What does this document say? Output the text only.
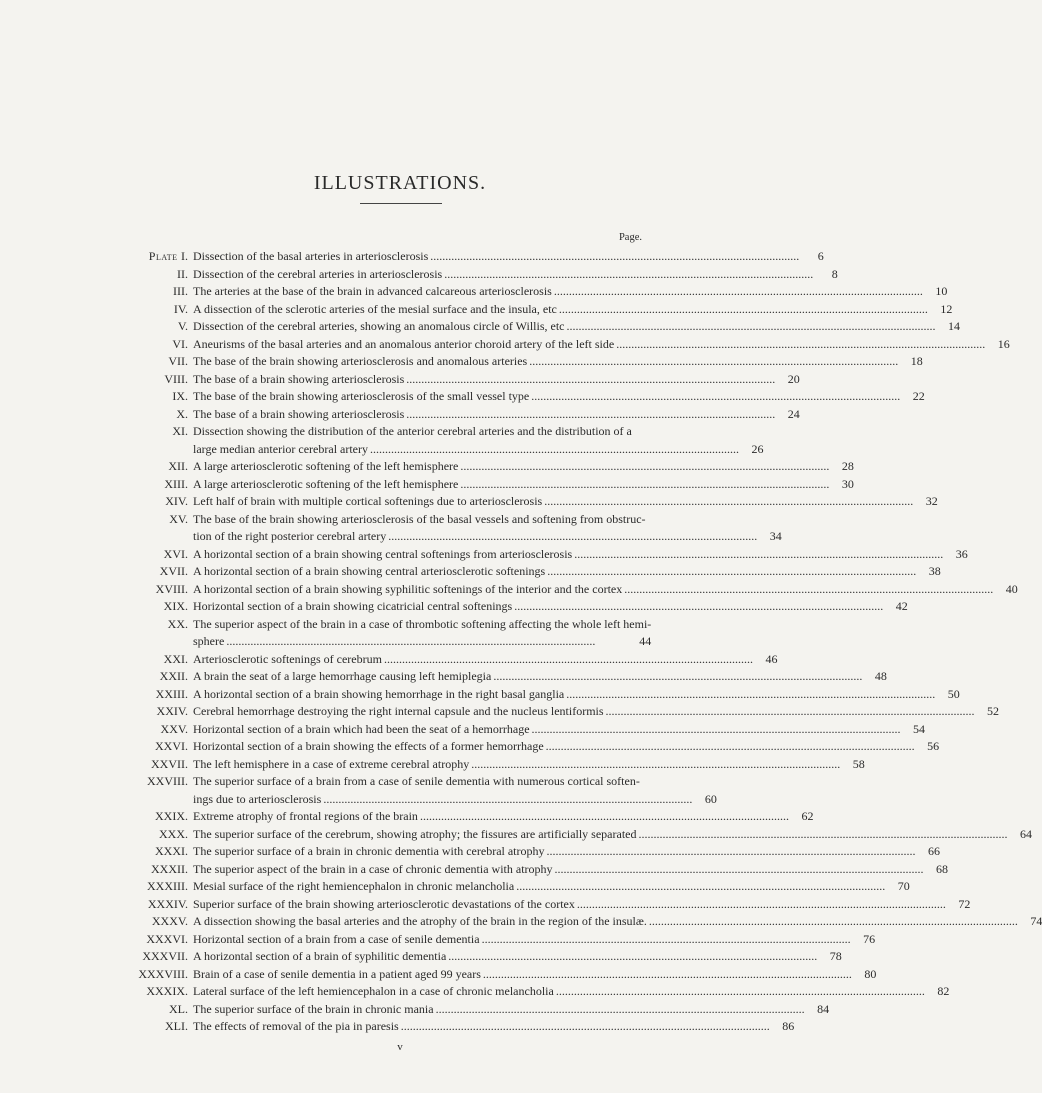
ILLUSTRATIONS.
Page.
Plate I. Dissection of the basal arteries in arteriosclerosis . . .	6
II. Dissection of the cerebral arteries in arteriosclerosis . . .	8
III. The arteries at the base of the brain in advanced calcareous arteriosclerosis . . .	10
IV. A dissection of the sclerotic arteries of the mesial surface and the insula, etc . . .	12
V. Dissection of the cerebral arteries, showing an anomalous circle of Willis, etc . . .	14
VI. Aneurisms of the basal arteries and an anomalous anterior choroid artery of the left side . . .	16
VII. The base of the brain showing arteriosclerosis and anomalous arteries . . .	18
VIII. The base of a brain showing arteriosclerosis . . .	20
IX. The base of the brain showing arteriosclerosis of the small vessel type . . .	22
X. The base of a brain showing arteriosclerosis . . .	24
XI. Dissection showing the distribution of the anterior cerebral arteries and the distribution of a
large median anterior cerebral artery . . .	26
XII. A large arteriosclerotic softening of the left hemisphere . . .	28
XIII. A large arteriosclerotic softening of the left hemisphere . . .	30
XIV. Left half of brain with multiple cortical softenings due to arteriosclerosis . . .	32
XV. The base of the brain showing arteriosclerosis of the basal vessels and softening from obstruc-
tion of the right posterior cerebral artery . . .	34
XVI. A horizontal section of a brain showing central softenings from arteriosclerosis . . .	36
XVII. A horizontal section of a brain showing central arteriosclerotic softenings . . .	38
XVIII. A horizontal section of a brain showing syphilitic softenings of the interior and the cortex . . .	40
XIX. Horizontal section of a brain showing cicatricial central softenings . . .	42
XX. The superior aspect of the brain in a case of thrombotic softening affecting the whole left hemi-
sphere . . .	44
XXI. Arteriosclerotic softenings of cerebrum . . .	46
XXII. A brain the seat of a large hemorrhage causing left hemiplegia . . .	48
XXIII. A horizontal section of a brain showing hemorrhage in the right basal ganglia . . .	50
XXIV. Cerebral hemorrhage destroying the right internal capsule and the nucleus lentiformis . . .	52
XXV. Horizontal section of a brain which had been the seat of a hemorrhage . . .	54
XXVI. Horizontal section of a brain showing the effects of a former hemorrhage . . .	56
XXVII. The left hemisphere in a case of extreme cerebral atrophy . . .	58
XXVIII. The superior surface of a brain from a case of senile dementia with numerous cortical soften-
ings due to arteriosclerosis . . .	60
XXIX. Extreme atrophy of frontal regions of the brain . . .	62
XXX. The superior surface of the cerebrum, showing atrophy; the fissures are artificially separated . . .	64
XXXI. The superior surface of a brain in chronic dementia with cerebral atrophy . . .	66
XXXII. The superior aspect of the brain in a case of chronic dementia with atrophy . . .	68
XXXIII. Mesial surface of the right hemiencephalon in chronic melancholia . . .	70
XXXIV. Superior surface of the brain showing arteriosclerotic devastations of the cortex . . .	72
XXXV. A dissection showing the basal arteries and the atrophy of the brain in the region of the insulæ. . . .	74
XXXVI. Horizontal section of a brain from a case of senile dementia . . .	76
XXXVII. A horizontal section of a brain of syphilitic dementia . . .	78
XXXVIII. Brain of a case of senile dementia in a patient aged 99 years . . .	80
XXXIX. Lateral surface of the left hemiencephalon in a case of chronic melancholia . . .	82
XL. The superior surface of the brain in chronic mania . . .	84
XLI. The effects of removal of the pia in paresis . . .	86
v
